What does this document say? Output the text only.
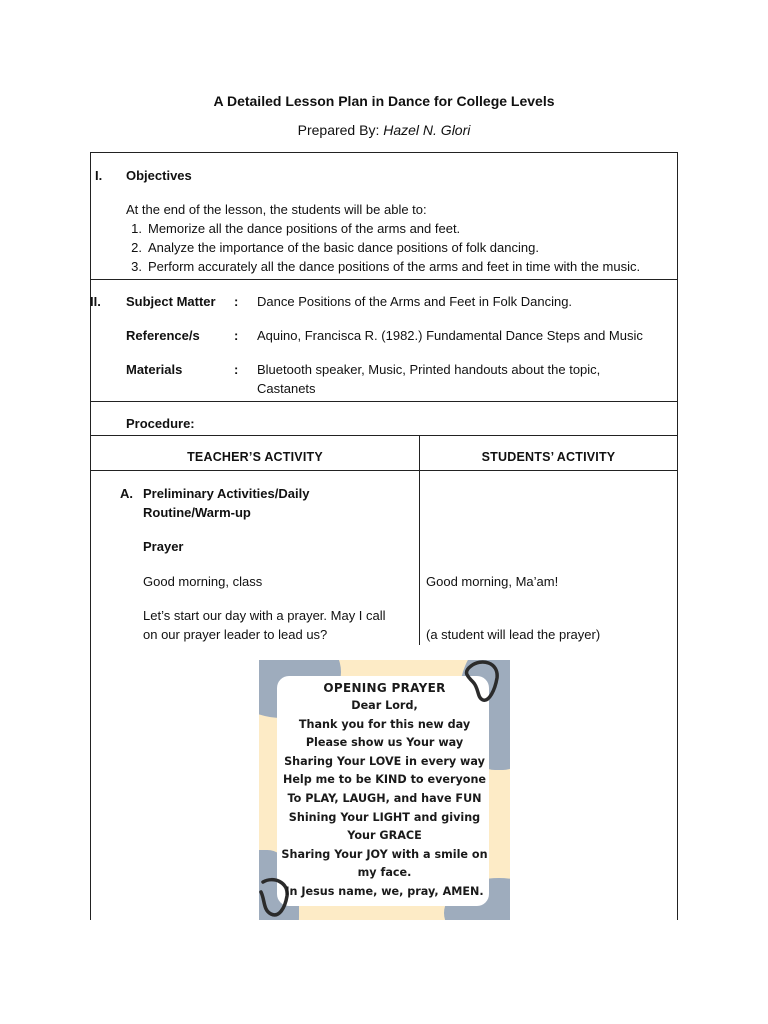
A Detailed Lesson Plan in Dance for College Levels
Prepared By: Hazel N. Glori
I. Objectives
At the end of the lesson, the students will be able to:
1. Memorize all the dance positions of the arms and feet.
2. Analyze the importance of the basic dance positions of folk dancing.
3. Perform accurately all the dance positions of the arms and feet in time with the music.
II. Subject Matter : Dance Positions of the Arms and Feet in Folk Dancing.
Reference/s	: Aquino, Francisca R. (1982.) Fundamental Dance Steps and Music
Materials	: Bluetooth speaker, Music, Printed handouts about the topic,
Castanets
Procedure:
TEACHER’S ACTIVITY	STUDENTS’ ACTIVITY
A. Preliminary Activities/Daily
Routine/Warm-up
Prayer
Good morning, class	Good morning, Ma’am!
Let’s start our day with a prayer. May I call
on our prayer leader to lead us?	(a student will lead the prayer)
OPENING PRAYER
Dear Lord,
Thank you for this new day
Please show us Your way
Sharing Your LOVE in every way
Help me to be KIND to everyone
To PLAY, LAUGH, and have FUN
Shining Your LIGHT and giving
Your GRACE
Sharing Your JOY with a smile on
my face.
In Jesus name, we, pray, AMEN.
